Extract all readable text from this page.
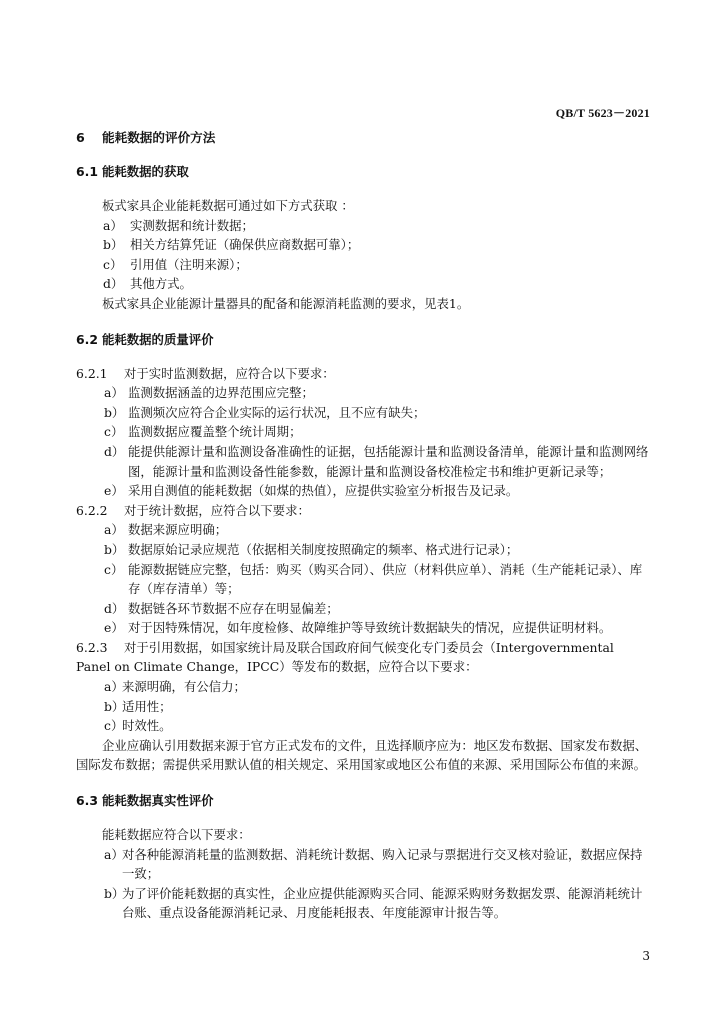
QB/T 5623－2021
6 能耗数据的评价方法
6.1 能耗数据的获取

板式家具企业能耗数据可通过如下方式获取 ：

a） 实测数据和统计数据；
b） 相关方结算凭证（确保供应商数据可靠）；
c） 引用值（注明来源）；
d） 其他方式。

板式家具企业能源计量器具的配备和能源消耗监测的要求，见表1。

6.2 能耗数据的质量评价

6.2.1 对于实时监测数据，应符合以下要求：

a） 监测数据涵盖的边界范围应完整；
b） 监测频次应符合企业实际的运行状况，且不应有缺失；
c） 监测数据应覆盖整个统计周期；
d） 能提供能源计量和监测设备准确性的证据，包括能源计量和监测设备清单，能源计量和监测网络图，能源计量和监测设备性能参数，能源计量和监测设备校准检定书和维护更新记录等；
e） 采用自测值的能耗数据（如煤的热值），应提供实验室分析报告及记录。

6.2.2 对于统计数据，应符合以下要求：

a） 数据来源应明确；
b） 数据原始记录应规范（依据相关制度按照确定的频率、格式进行记录）；
c） 能源数据链应完整，包括：购买（购买合同）、供应（材料供应单）、消耗（生产能耗记录）、库存（库存清单）等；
d） 数据链各环节数据不应存在明显偏差；
e） 对于因特殊情况，如年度检修、故障维护等导致统计数据缺失的情况，应提供证明材料。

6.2.3 对于引用数据，如国家统计局及联合国政府间气候变化专门委员会（Intergovernmental Panel on Climate Change，IPCC）等发布的数据，应符合以下要求：

a）
来源明确，有公信力；
b）
适用性；
c）
时效性。

企业应确认引用数据来源于官方正式发布的文件，且选择顺序应为：地区发布数据、国家发布数据、国际发布数据；需提供采用默认值的相关规定、采用国家或地区公布值的来源、采用国际公布值的来源。

6.3 能耗数据真实性评价

能耗数据应符合以下要求：

a）
对各种能源消耗量的监测数据、消耗统计数据、购入记录与票据进行交叉核对验证，数据应保持一致；
b）
为了评价能耗数据的真实性，企业应提供能源购买合同、能源采购财务数据发票、能源消耗统计台账、重点设备能源消耗记录、月度能耗报表、年度能源审计报告等。
3
